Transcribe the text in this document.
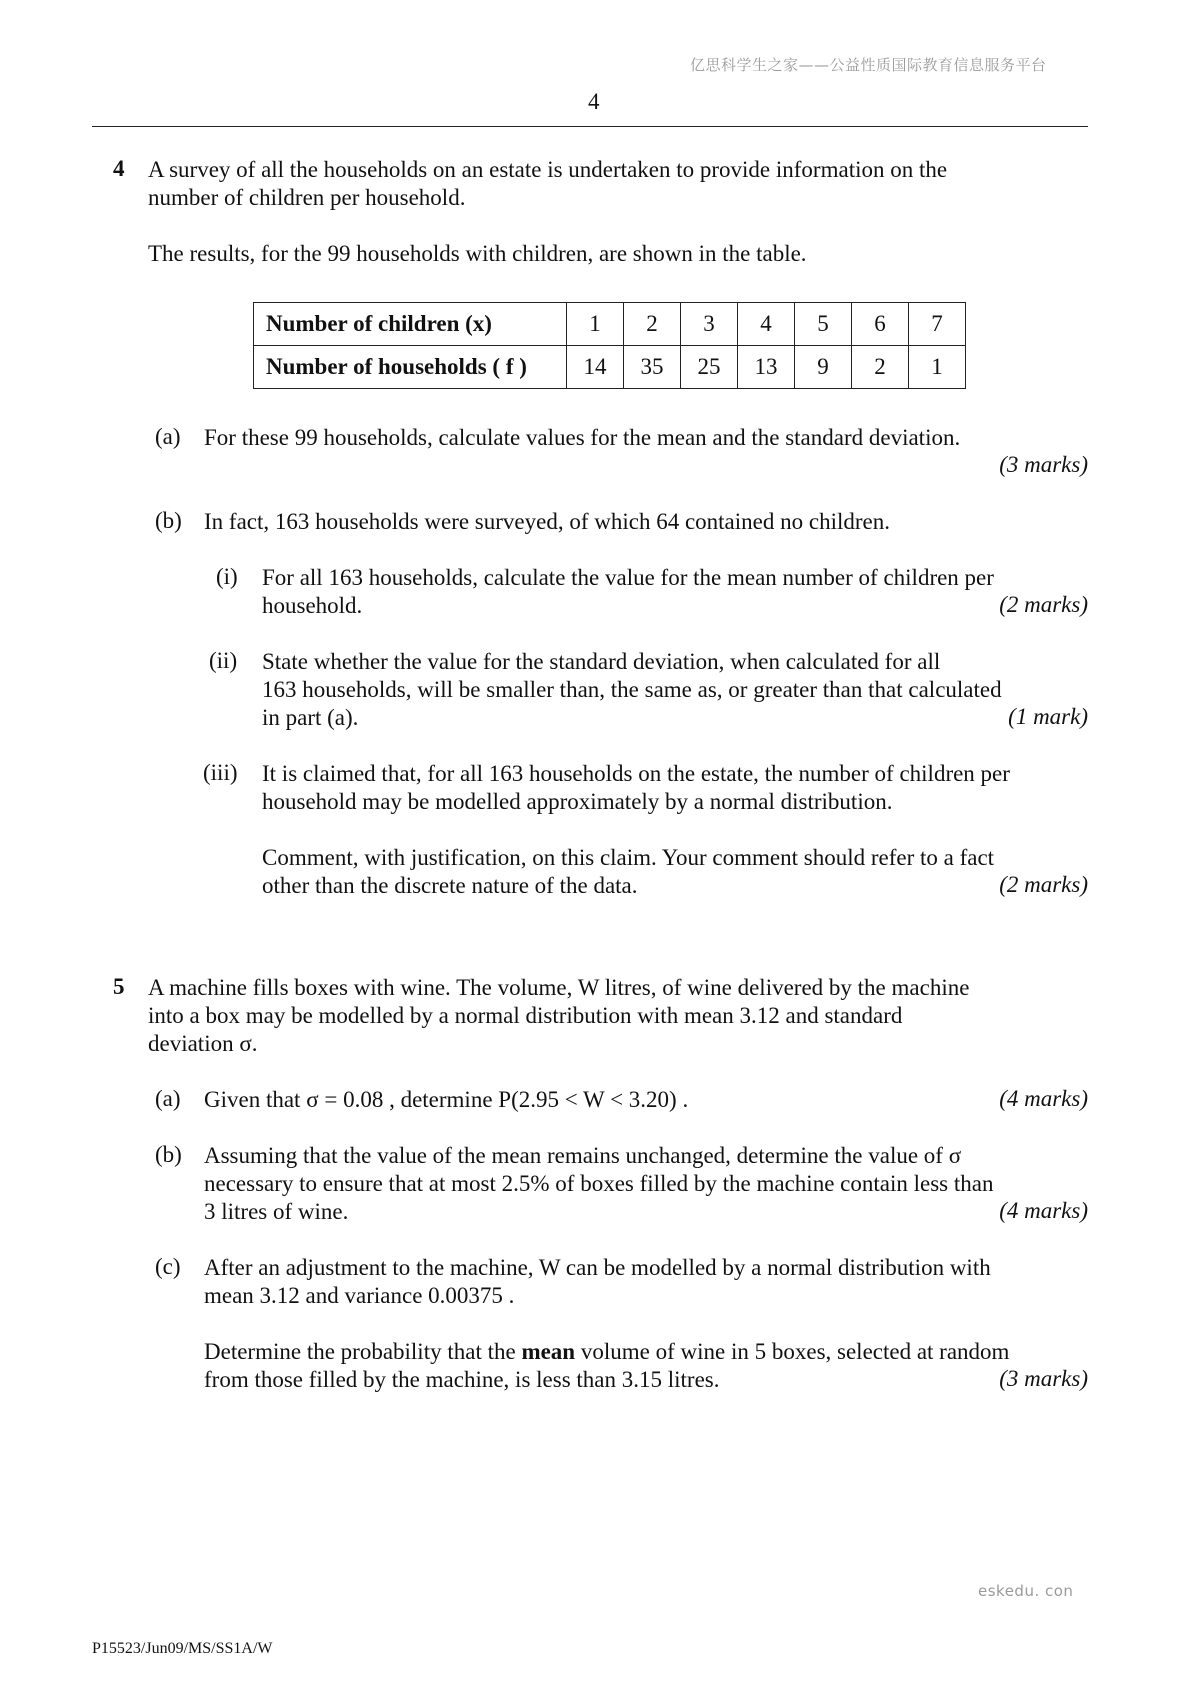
亿思科学生之家——公益性质国际教育信息服务平台
4
4 A survey of all the households on an estate is undertaken to provide information on the
number of children per household.
The results, for the 99 households with children, are shown in the table.
Number of children (x)	1	2	3	4	5	6	7
Number of households ( f )	14	35	25	13	9	2	1
(a) For these 99 households, calculate values for the mean and the standard deviation.
(3 marks)
(b) In fact, 163 households were surveyed, of which 64 contained no children.
(i) For all 163 households, calculate the value for the mean number of children per
household.	(2 marks)
(ii) State whether the value for the standard deviation, when calculated for all
163 households, will be smaller than, the same as, or greater than that calculated
in part (a).	(1 mark)
(iii) It is claimed that, for all 163 households on the estate, the number of children per
household may be modelled approximately by a normal distribution.
Comment, with justification, on this claim. Your comment should refer to a fact
other than the discrete nature of the data.	(2 marks)
5 A machine fills boxes with wine. The volume, W litres, of wine delivered by the machine
into a box may be modelled by a normal distribution with mean 3.12 and standard
deviation σ.
(a) Given that σ = 0.08 , determine P(2.95 < W < 3.20) .	(4 marks)
(b) Assuming that the value of the mean remains unchanged, determine the value of σ
necessary to ensure that at most 2.5% of boxes filled by the machine contain less than
3 litres of wine.	(4 marks)
(c) After an adjustment to the machine, W can be modelled by a normal distribution with
mean 3.12 and variance 0.00375 .
Determine the probability that the mean volume of wine in 5 boxes, selected at random
from those filled by the machine, is less than 3.15 litres.	(3 marks)
eskedu. con
P15523/Jun09/MS/SS1A/W
